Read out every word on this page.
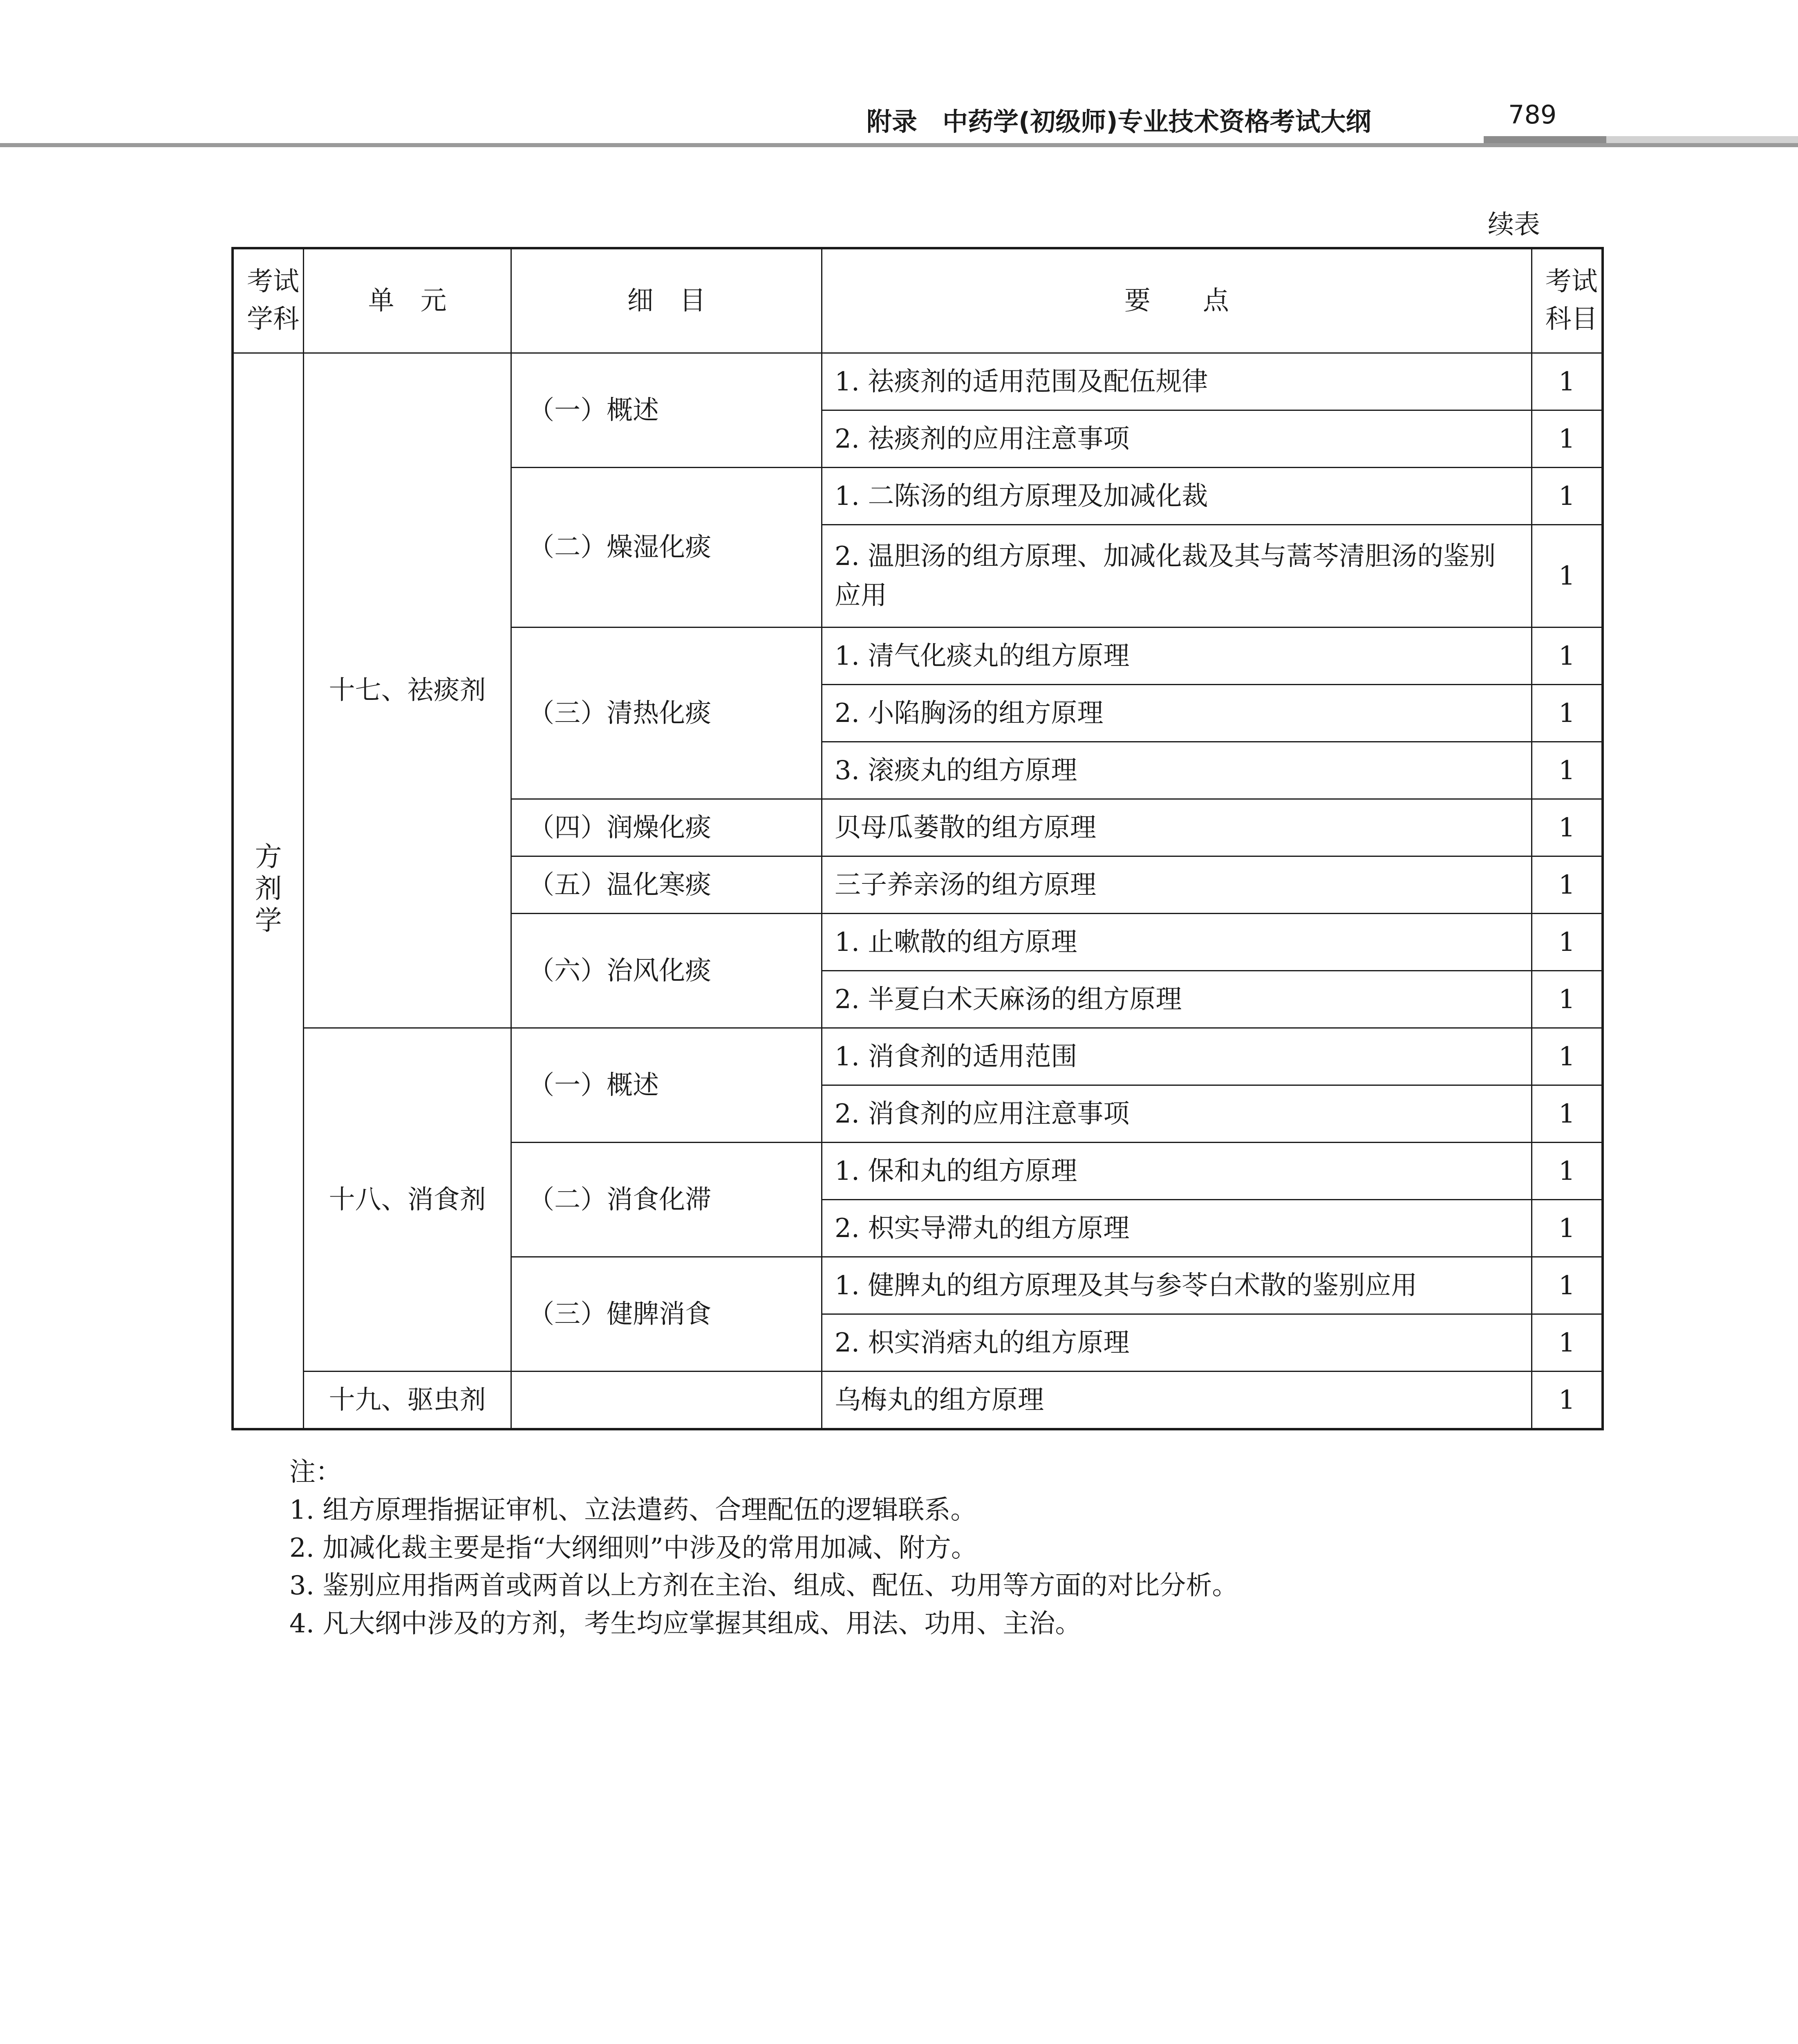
附录　中药学(初级师)专业技术资格考试大纲	789
续表
考试学科	单　元	细　目	要　　点	考试科目
方剂学	十七、祛痰剂	（一）概述	1. 祛痰剂的适用范围及配伍规律	1
			2. 祛痰剂的应用注意事项	1
		（二）燥湿化痰	1. 二陈汤的组方原理及加减化裁	1
			2. 温胆汤的组方原理、加减化裁及其与蒿芩清胆汤的鉴别应用	1
		（三）清热化痰	1. 清气化痰丸的组方原理	1
			2. 小陷胸汤的组方原理	1
			3. 滚痰丸的组方原理	1
		（四）润燥化痰	贝母瓜蒌散的组方原理	1
		（五）温化寒痰	三子养亲汤的组方原理	1
		（六）治风化痰	1. 止嗽散的组方原理	1
			2. 半夏白术天麻汤的组方原理	1
	十八、消食剂	（一）概述	1. 消食剂的适用范围	1
			2. 消食剂的应用注意事项	1
		（二）消食化滞	1. 保和丸的组方原理	1
			2. 枳实导滞丸的组方原理	1
		（三）健脾消食	1. 健脾丸的组方原理及其与参苓白术散的鉴别应用	1
			2. 枳实消痞丸的组方原理	1
	十九、驱虫剂		乌梅丸的组方原理	1
注：
1. 组方原理指据证审机、立法遣药、合理配伍的逻辑联系。
2. 加减化裁主要是指“大纲细则”中涉及的常用加减、附方。
3. 鉴别应用指两首或两首以上方剂在主治、组成、配伍、功用等方面的对比分析。
4. 凡大纲中涉及的方剂，考生均应掌握其组成、用法、功用、主治。
